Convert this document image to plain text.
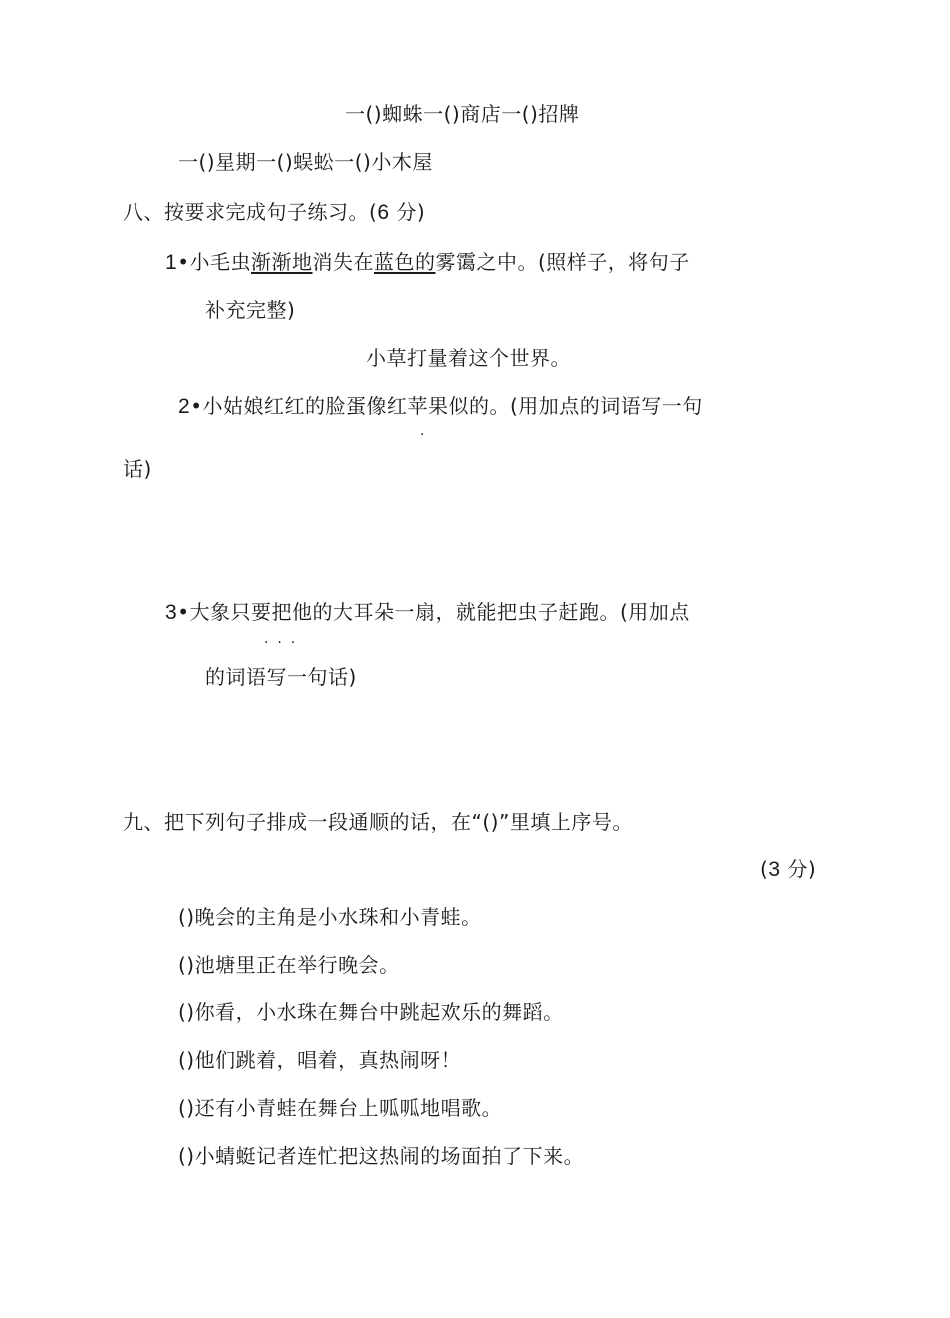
一()蜘蛛一()商店一()招牌
一()星期一()蜈蚣一()小木屋
八、按要求完成句子练习。(6 分)
1•小毛虫渐渐地消失在蓝色的雾霭之中。(照样子，将句子
补充完整)
小草打量着这个世界。
2•小姑娘红红的脸蛋像红苹果似的。(用加点的词语写一句
·
话)
3•大象只要把他的大耳朵一扇，就能把虫子赶跑。(用加点
·  ·  ·
的词语写一句话)
九、把下列句子排成一段通顺的话，在“()”里填上序号。
(3 分)
()晚会的主角是小水珠和小青蛙。
()池塘里正在举行晚会。
()你看，小水珠在舞台中跳起欢乐的舞蹈。
()他们跳着，唱着，真热闹呀！
()还有小青蛙在舞台上呱呱地唱歌。
()小蜻蜓记者连忙把这热闹的场面拍了下来。
